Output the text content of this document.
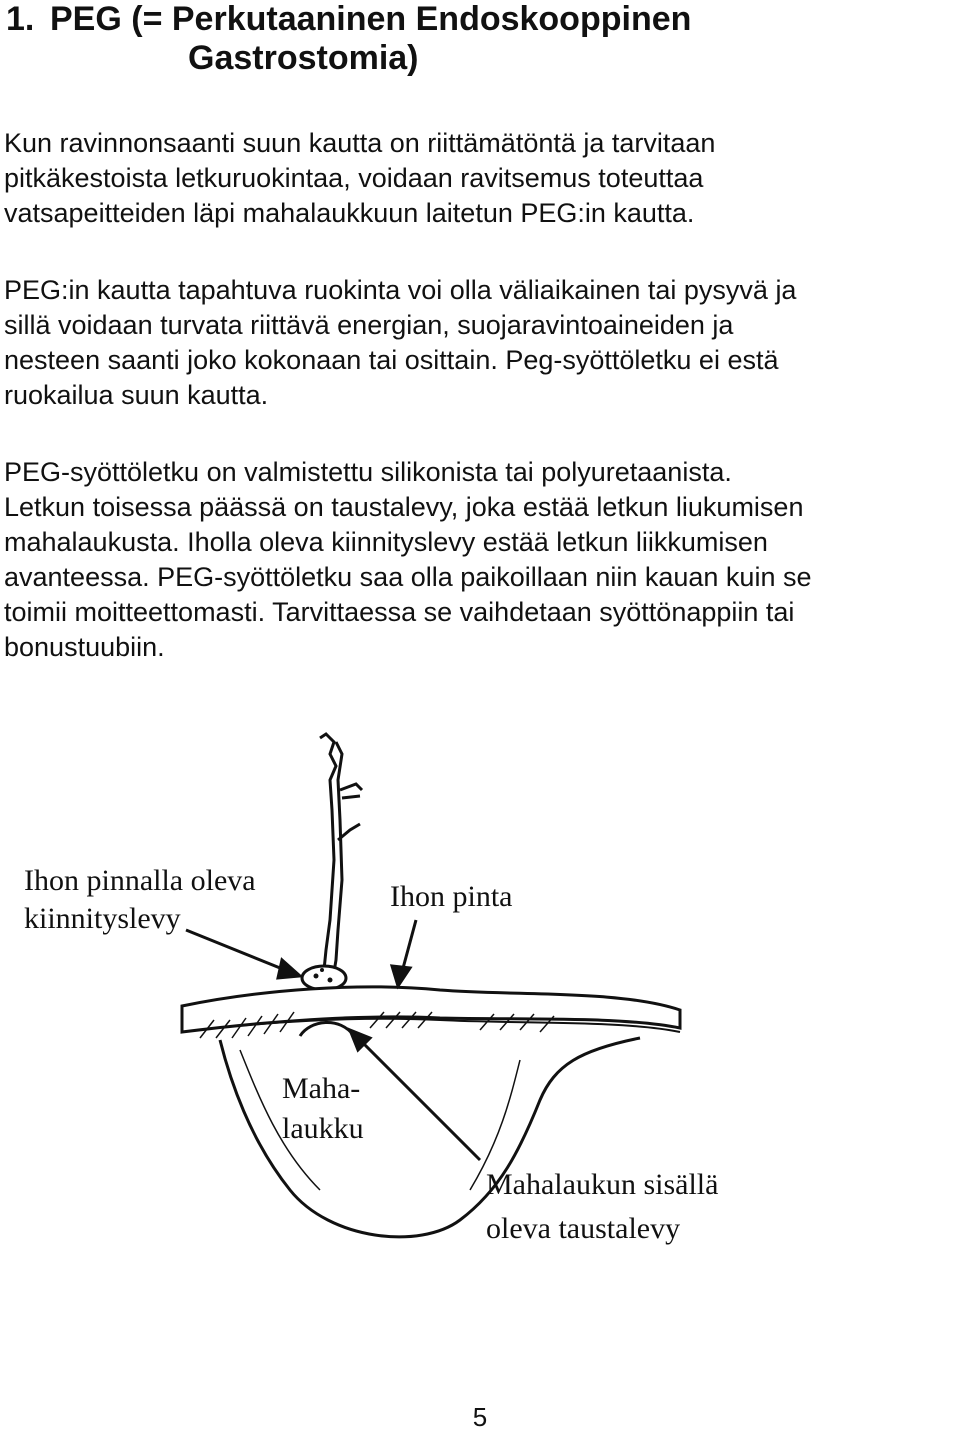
1. PEG (= Perkutaaninen Endoskooppinen
Gastrostomia)

Kun ravinnonsaanti suun kautta on riittämätöntä ja tarvitaan
pitkäkestoista letkuruokintaa, voidaan ravitsemus toteuttaa
vatsapeitteiden läpi mahalaukkuun laitetun PEG:in kautta.

PEG:in kautta tapahtuva ruokinta voi olla väliaikainen tai pysyvä ja
sillä voidaan turvata riittävä energian, suojaravintoaineiden ja
nesteen saanti joko kokonaan tai osittain. Peg-syöttöletku ei estä
ruokailua suun kautta.

PEG-syöttöletku on valmistettu silikonista tai polyuretaanista.
Letkun toisessa päässä on taustalevy, joka estää letkun liukumisen
mahalaukusta. Iholla oleva kiinnityslevy estää letkun liikkumisen
avanteessa. PEG-syöttöletku saa olla paikoillaan niin kauan kuin se
toimii moitteettomasti. Tarvittaessa se vaihdetaan syöttönappiin tai
bonustuubiin.

Ihon pinnalla oleva
kiinnityslevy
Ihon pinta
Maha-
laukku
Mahalaukun sisällä
oleva taustalevy
5
